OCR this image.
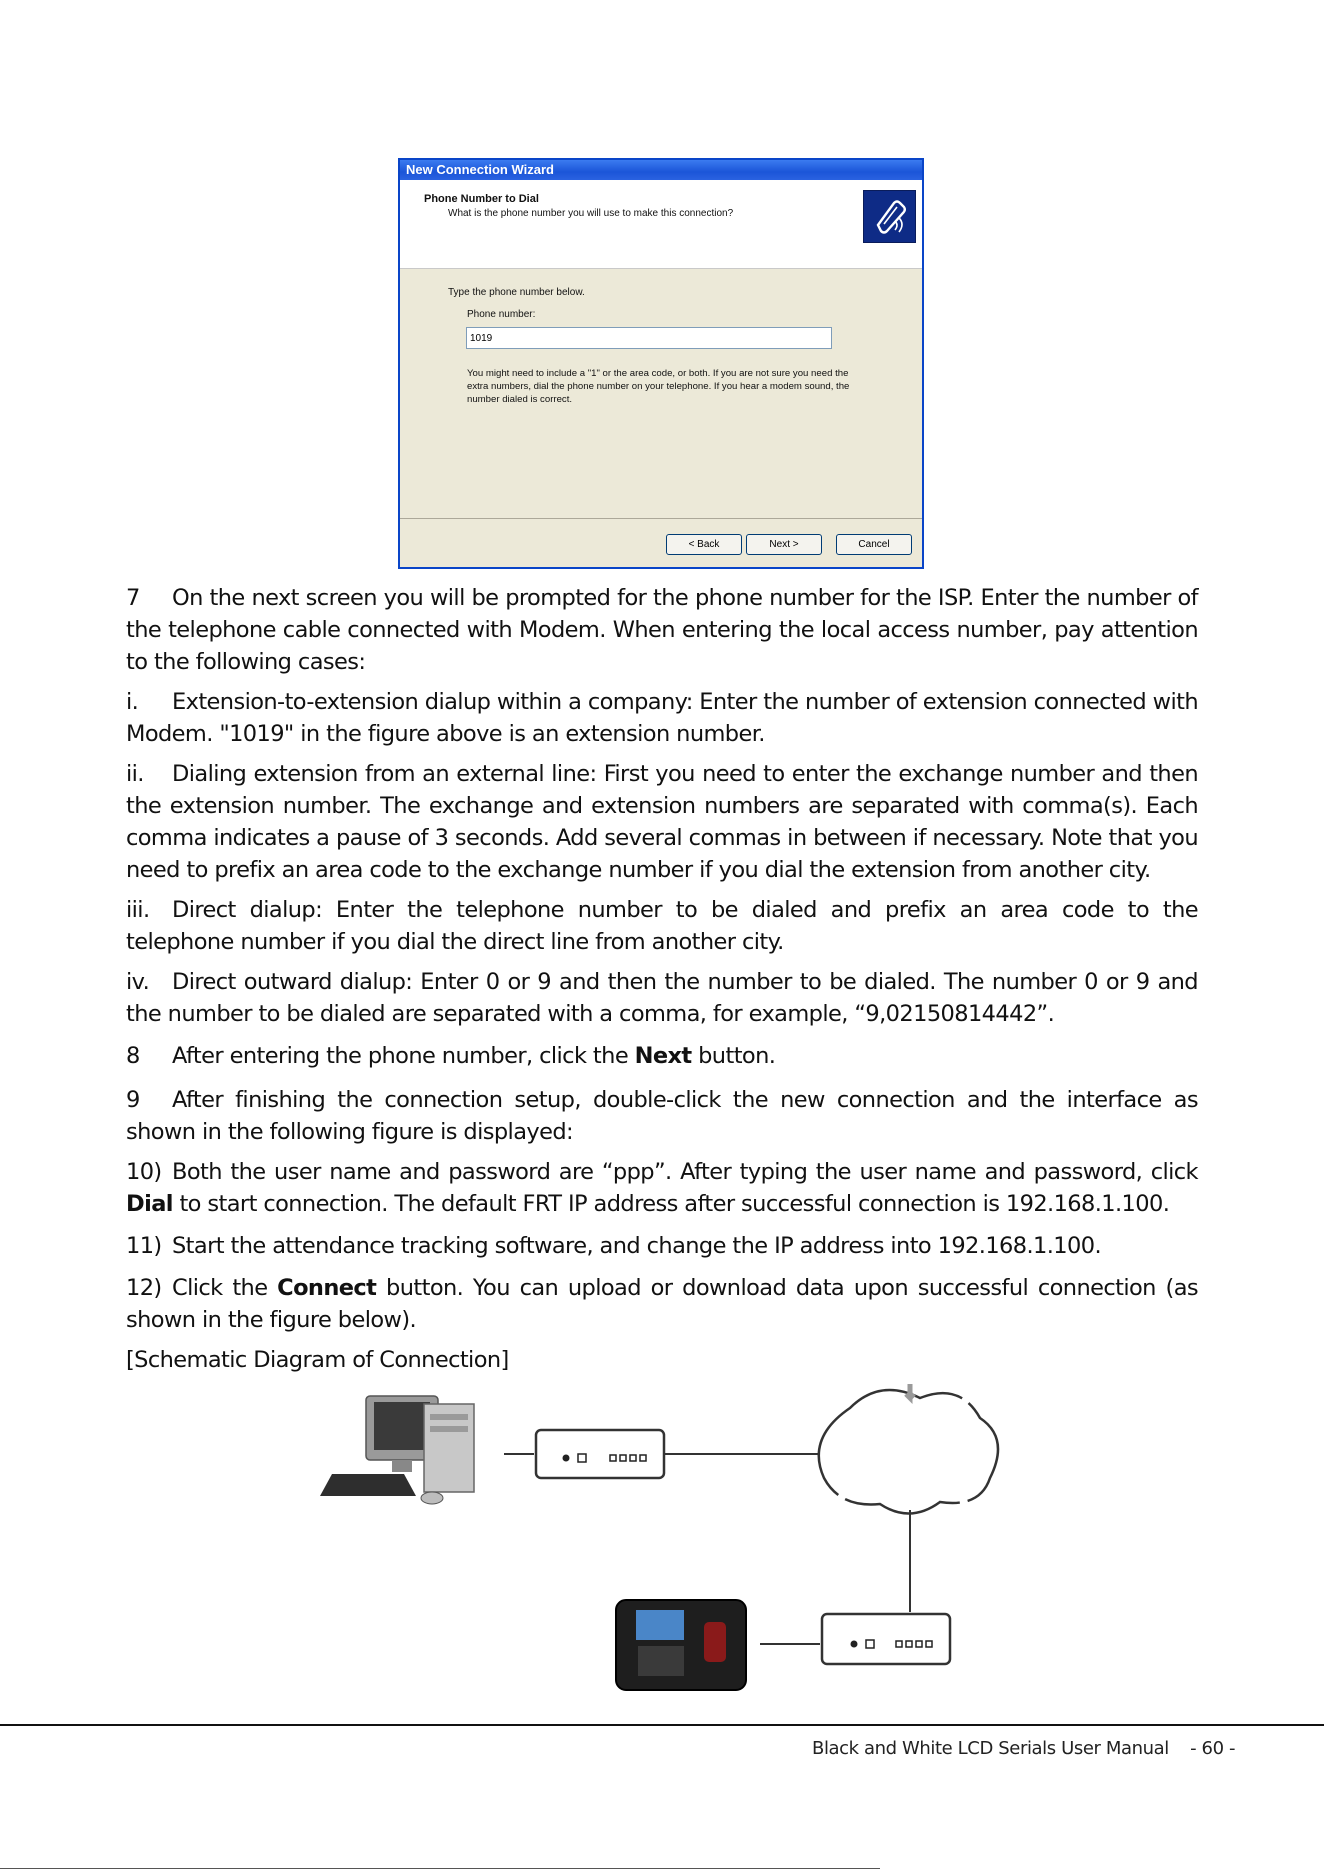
New Connection Wizard
Phone Number to Dial
What is the phone number you will use to make this connection?
Type the phone number below.
Phone number:
1019
You might need to include a "1" or the area code, or both. If you are not sure you need the extra numbers, dial the phone number on your telephone. If you hear a modem sound, the number dialed is correct.
< Back	Next >	Cancel
7 On the next screen you will be prompted for the phone number for the ISP. Enter the number of the telephone cable connected with Modem. When entering the local access number, pay attention to the following cases:
i. Extension-to-extension dialup within a company: Enter the number of extension connected with Modem. "1019" in the figure above is an extension number.
ii. Dialing extension from an external line: First you need to enter the exchange number and then the extension number. The exchange and extension numbers are separated with comma(s). Each comma indicates a pause of 3 seconds. Add several commas in between if necessary. Note that you need to prefix an area code to the exchange number if you dial the extension from another city.
iii. Direct dialup: Enter the telephone number to be dialed and prefix an area code to the telephone number if you dial the direct line from another city.
iv. Direct outward dialup: Enter 0 or 9 and then the number to be dialed. The number 0 or 9 and the number to be dialed are separated with a comma, for example, “9,02150814442”.
8 After entering the phone number, click the Next button.
9 After finishing the connection setup, double-click the new connection and the interface as shown in the following figure is displayed:
10) Both the user name and password are “ppp”. After typing the user name and password, click Dial to start connection. The default FRT IP address after successful connection is 192.168.1.100.
11) Start the attendance tracking software, and change the IP address into 192.168.1.100.
12) Click the Connect button. You can upload or download data upon successful connection (as shown in the figure below).
[Schematic Diagram of Connection]
Black and White LCD Serials User Manual    - 60 -
